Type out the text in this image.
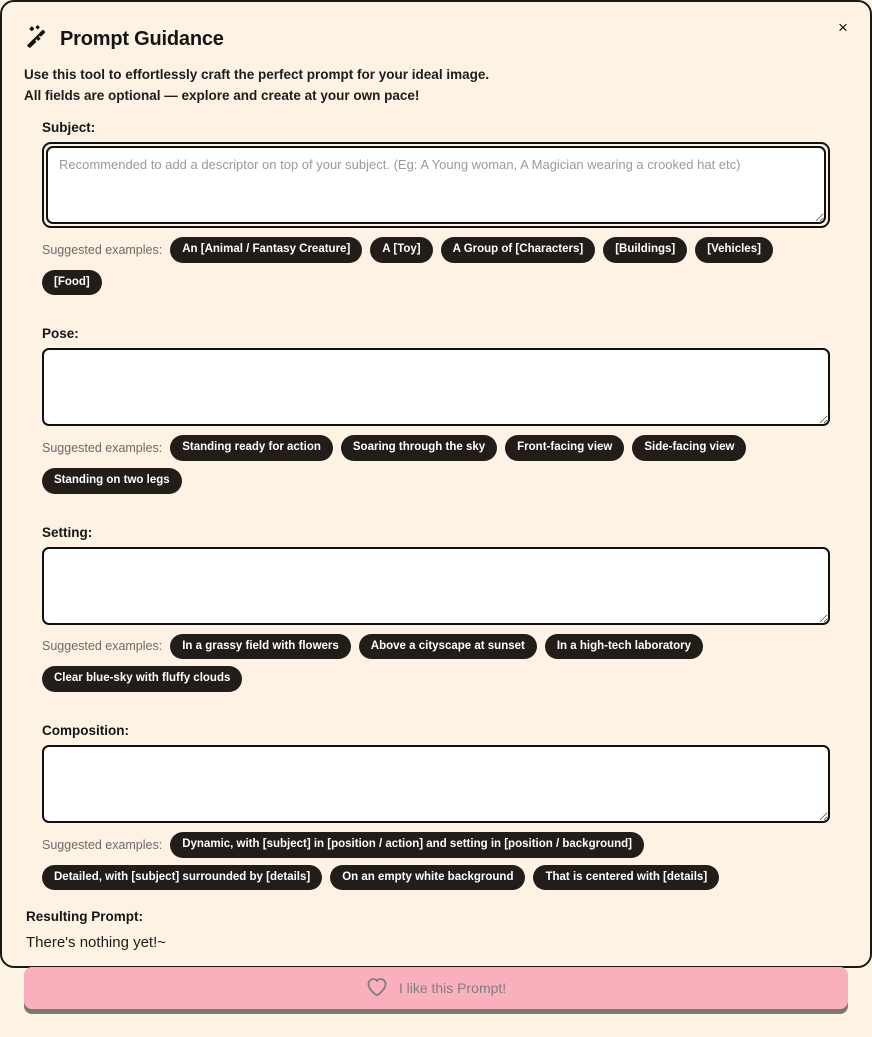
×
Prompt Guidance
Use this tool to effortlessly craft the perfect prompt for your ideal image.
All fields are optional — explore and create at your own pace!
Subject:
Recommended to add a descriptor on top of your subject. (Eg: A Young woman, A Magician wearing a crooked hat etc)
Suggested examples:	An [Animal / Fantasy Creature]	A [Toy]	A Group of [Characters]	[Buildings]	[Vehicles]
[Food]
Pose:
Suggested examples:	Standing ready for action	Soaring through the sky	Front-facing view	Side-facing view
Standing on two legs
Setting:
Suggested examples:	In a grassy field with flowers	Above a cityscape at sunset	In a high-tech laboratory
Clear blue-sky with fluffy clouds
Composition:
Suggested examples:	Dynamic, with [subject] in [position / action] and setting in [position / background]
Detailed, with [subject] surrounded by [details]	On an empty white background	That is centered with [details]
Resulting Prompt:
There's nothing yet!~
I like this Prompt!
